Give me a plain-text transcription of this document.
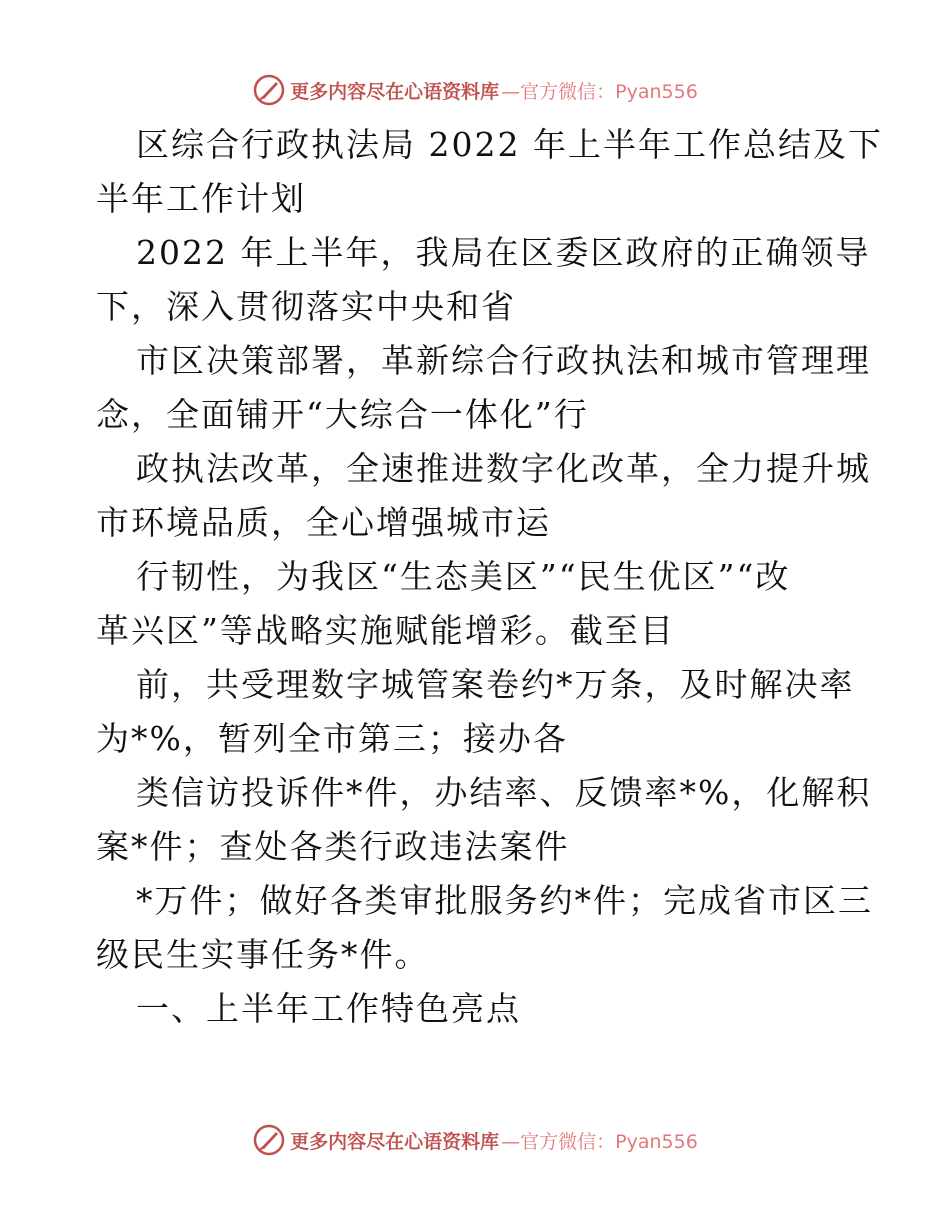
更多内容尽在心语资料库 —官方微信：Pyan556
区综合行政执法局 2022 年上半年工作总结及下
半年工作计划
2022 年上半年，我局在区委区政府的正确领导
下，深入贯彻落实中央和省
市区决策部署，革新综合行政执法和城市管理理
念，全面铺开“大综合一体化”行
政执法改革，全速推进数字化改革，全力提升城
市环境品质，全心增强城市运
行韧性，为我区“生态美区”“民生优区”“改
革兴区”等战略实施赋能增彩。截至目
前，共受理数字城管案卷约*万条，及时解决率
为*%，暂列全市第三；接办各
类信访投诉件*件，办结率、反馈率*%，化解积
案*件；查处各类行政违法案件
*万件；做好各类审批服务约*件；完成省市区三
级民生实事任务*件。
一、上半年工作特色亮点
更多内容尽在心语资料库 —官方微信：Pyan556
